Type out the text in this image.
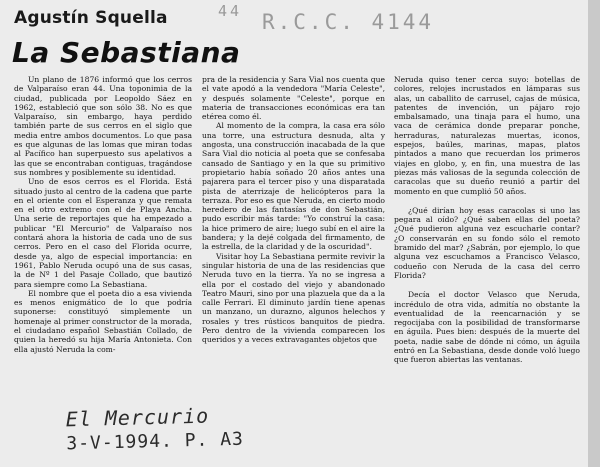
44 R.C.C. 4144
Agustín Squella
La Sebastiana

Un plano de 1876 informó que los cerros de Valparaíso eran 44. Una toponimia de la ciudad, publicada por Leopoldo Sáez en 1962, estableció que son sólo 38. No es que Valparaíso, sin embargo, haya perdido también parte de sus cerros en el siglo que media entre ambos documentos. Lo que pasa es que algunas de las lomas que miran todas al Pacífico han superpuesto sus apelativos a las que se encontraban contiguas, tragándose sus nombres y posiblemente su identidad.

Uno de esos cerros es el Florida. Está situado justo al centro de la cadena que parte en el oriente con el Esperanza y que remata en el otro extremo con el de Playa Ancha. Una serie de reportajes que ha empezado a publicar "El Mercurio" de Valparaíso nos contará ahora la historia de cada uno de sus cerros. Pero en el caso del Florida ocurre, desde ya, algo de especial importancia: en 1961, Pablo Neruda ocupó una de sus casas, la de Nº 1 del Pasaje Collado, que bautizó para siempre como La Sebastiana.

El nombre que el poeta dio a esa vivienda es menos enigmático de lo que podría suponerse: constituyó simplemente un homenaje al primer constructor de la morada, el ciudadano español Sebastián Collado, de quien la heredó su hija María Antonieta. Con ella ajustó Neruda la com-

pra de la residencia y Sara Vial nos cuenta que el vate apodó a la vendedora "María Celeste", y después solamente "Celeste", porque en materia de transacciones económicas era tan etérea como él.

Al momento de la compra, la casa era sólo una torre, una estructura desnuda, alta y angosta, una construcción inacabada de la que Sara Vial dio noticia al poeta que se confesaba cansado de Santiago y en la que su primitivo propietario había soñado 20 años antes una pajarera para el tercer piso y una disparatada pista de aterrizaje de helicópteros para la terraza. Por eso es que Neruda, en cierto modo heredero de las fantasías de don Sebastián, pudo escribir más tarde: "Yo construí la casa: la hice primero de aire; luego subí en el aire la bandera; y la dejé colgada del firmamento, de la estrella, de la claridad y de la oscuridad".

Visitar hoy La Sebastiana permite revivir la singular historia de una de las residencias que Neruda tuvo en la tierra. Ya no se ingresa a ella por el costado del viejo y abandonado Teatro Mauri, sino por una plazuela que da a la calle Ferrari. El diminuto jardín tiene apenas un manzano, un durazno, algunos helechos y rosales y tres rústicos banquitos de piedra. Pero dentro de la vivienda comparecen los queridos y a veces extravagantes objetos que

Neruda quiso tener cerca suyo: botellas de colores, relojes incrustados en lámparas sus alas, un caballito de carrusel, cajas de música, patentes de invención, un pájaro rojo embalsamado, una tinaja para el humo, una vaca de cerámica donde preparar ponche, herraduras, naturalezas muertas, iconos, espejos, baúles, marinas, mapas, platos pintados a mano que recuerdan los primeros viajes en globo, y, en fin, una muestra de las piezas más valiosas de la segunda colección de caracolas que su dueño reunió a partir del momento en que cumplió 50 años.

¿Qué dirían hoy esas caracolas si uno las pegara al oído? ¿Qué saben ellas del poeta? ¿Qué pudieron alguna vez escucharle contar? ¿O conservarán en su fondo sólo el remoto bramido del mar? ¿Sabrán, por ejemplo, lo que alguna vez escuchamos a Francisco Velasco, codueño con Neruda de la casa del cerro Florida?

Decía el doctor Velasco que Neruda, incrédulo de otra vida, admitía no obstante la eventualidad de la reencarnación y se regocijaba con la posibilidad de transformarse en águila. Pues bien: después de la muerte del poeta, nadie sabe de dónde ni cómo, un águila entró en La Sebastiana, desde donde voló luego que fueron abiertas las ventanas.

El Mercurio
3-V-1994. P. A3
